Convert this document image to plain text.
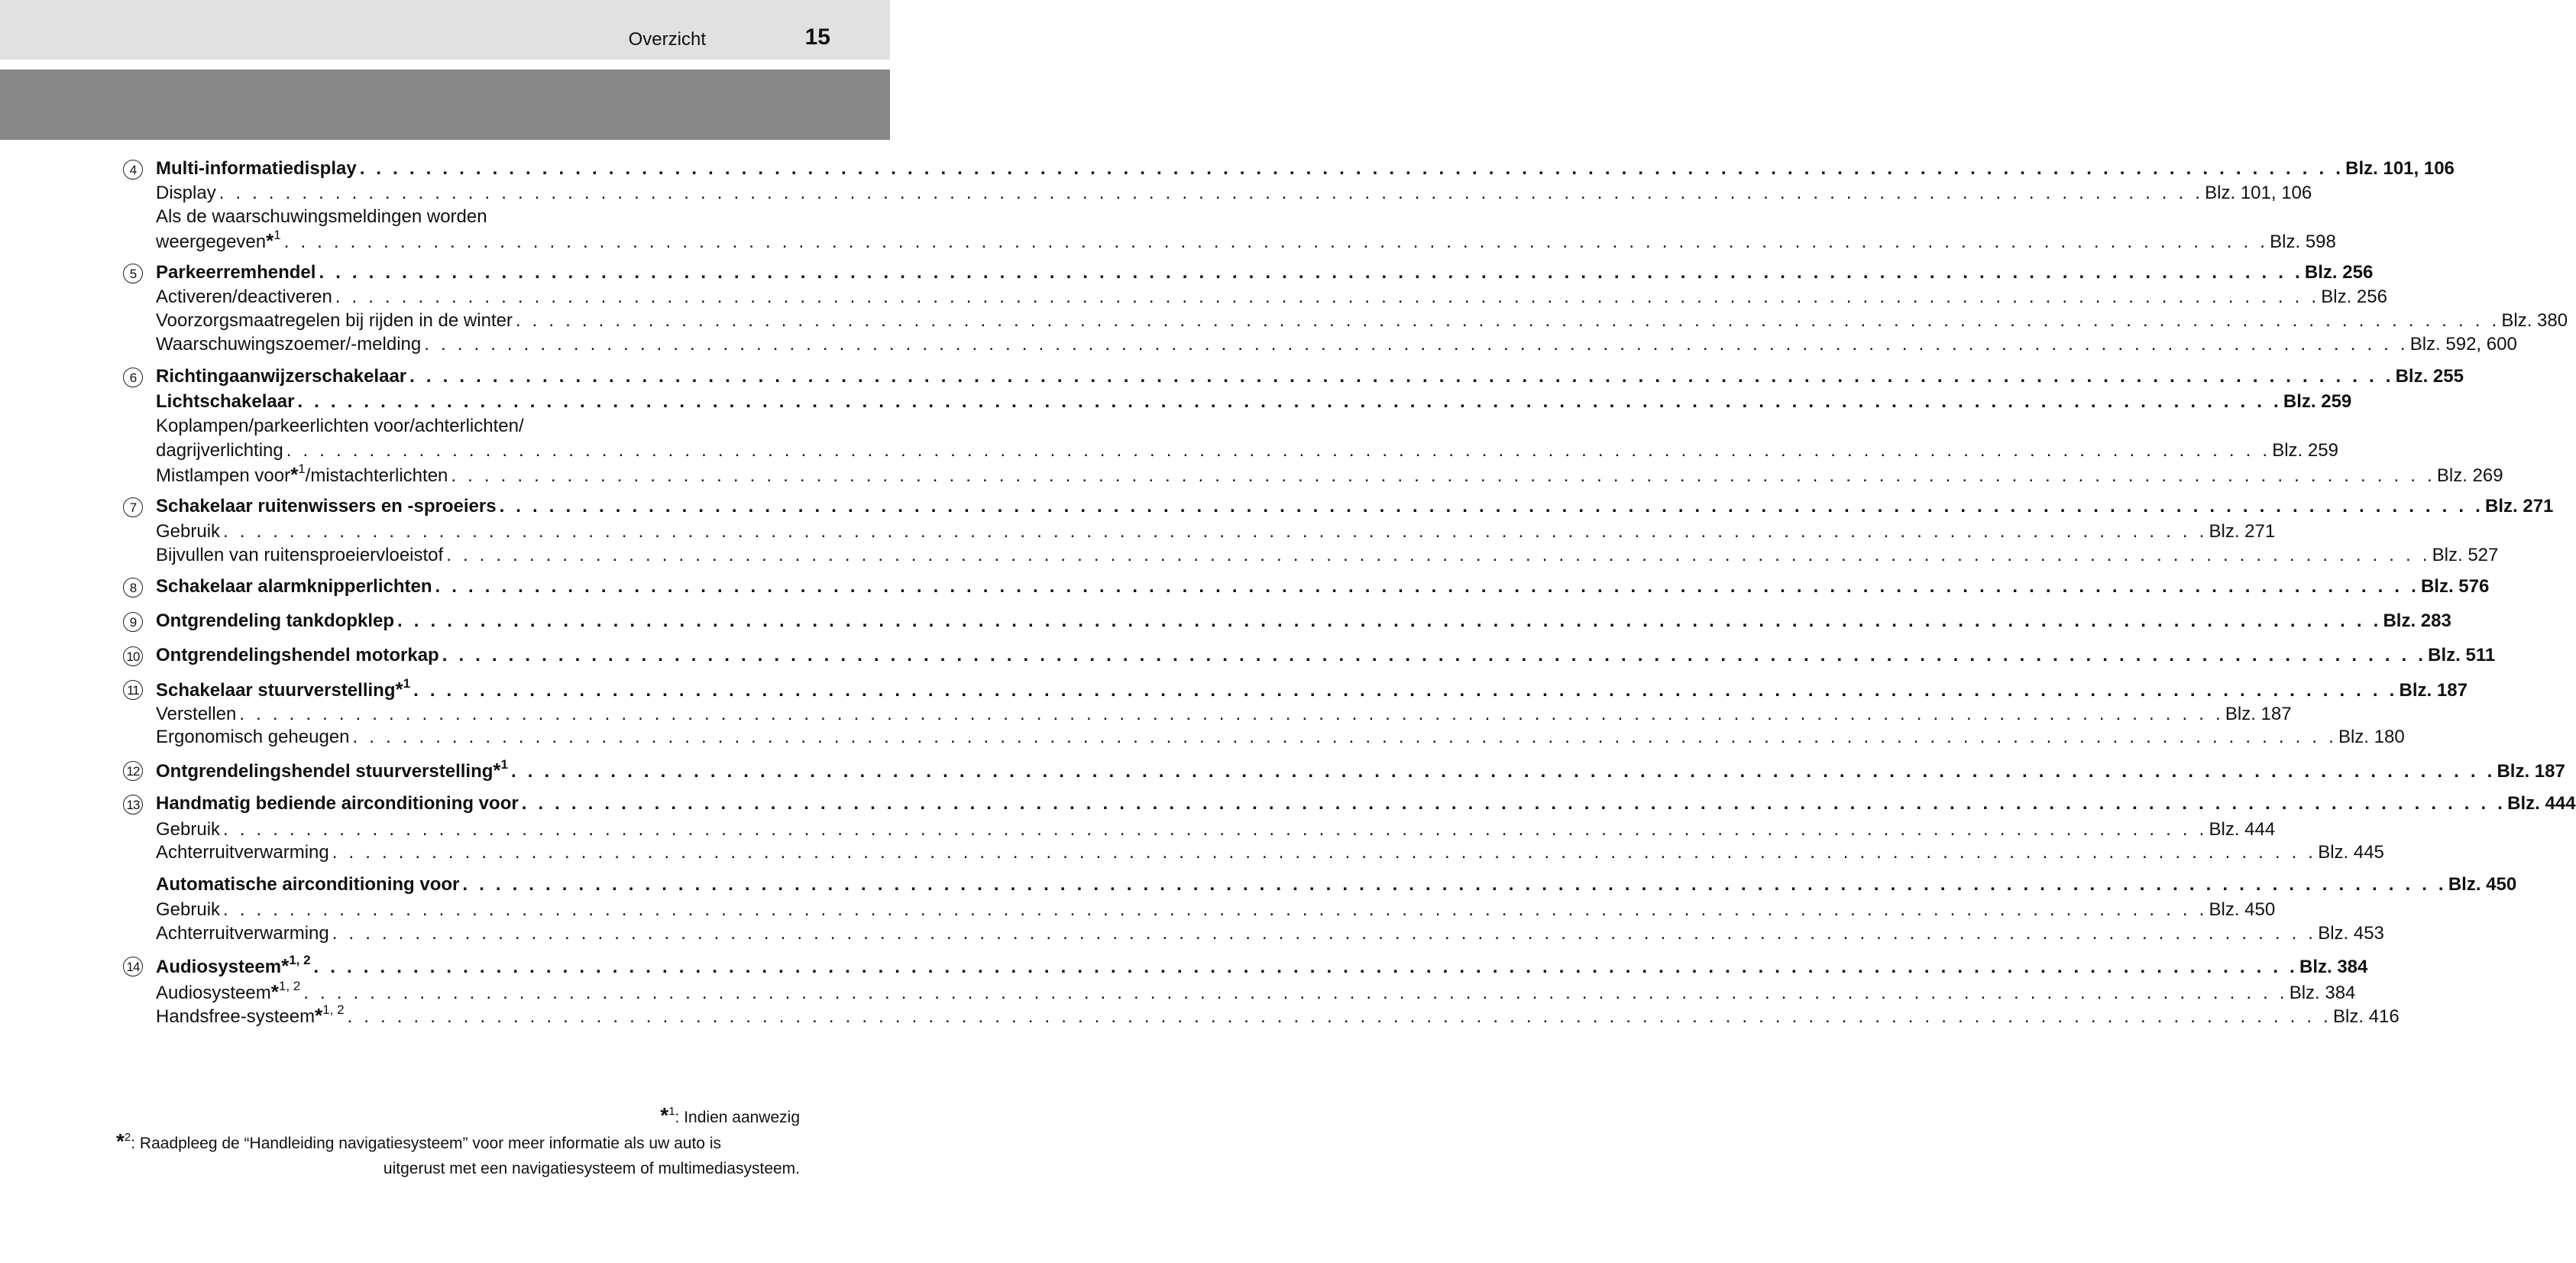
Overzicht	15
4	Multi-informatiedisplay . . . . . . . . . . . . . . . . . . . . . . . . . . . . . . . . . . . . . . . . . . . . . . . . . . . . . . . . . . . . . . . . . . . . . . . . . . . . . . . . . . . . . . . . . . . . . . . . . . . . . . . . . . . . . . . . . . . . . . . . Blz. 101, 106
Display . . . . . . . . . . . . . . . . . . . . . . . . . . . . . . . . . . . . . . . . . . . . . . . . . . . . . . . . . . . . . . . . . . . . . . . . . . . . . . . . . . . . . . . . . . . . . . . . . . . . . . . . . . . . . . . . . . . . . . . . Blz. 101, 106
Als de waarschuwingsmeldingen worden
weergegeven*$^1$ . . . . . . . . . . . . . . . . . . . . . . . . . . . . . . . . . . . . . . . . . . . . . . . . . . . . . . . . . . . . . . . . . . . . . . . . . . . . . . . . . . . . . . . . . . . . . . . . . . . . . . . . . . . . . . . . . . . . . . . . Blz. 598
5	Parkeerremhendel . . . . . . . . . . . . . . . . . . . . . . . . . . . . . . . . . . . . . . . . . . . . . . . . . . . . . . . . . . . . . . . . . . . . . . . . . . . . . . . . . . . . . . . . . . . . . . . . . . . . . . . . . . . . . . . . . . . . . . . . Blz. 256
Activeren/deactiveren . . . . . . . . . . . . . . . . . . . . . . . . . . . . . . . . . . . . . . . . . . . . . . . . . . . . . . . . . . . . . . . . . . . . . . . . . . . . . . . . . . . . . . . . . . . . . . . . . . . . . . . . . . . . . . . . . . . . . . . . Blz. 256
Voorzorgsmaatregelen bij rijden in de winter . . . . . . . . . . . . . . . . . . . . . . . . . . . . . . . . . . . . . . . . . . . . . . . . . . . . . . . . . . . . . . . . . . . . . . . . . . . . . . . . . . . . . . . . . . . . . . . . . . . . . . . . . . . . . . . . . . . . . . . . Blz. 380
Waarschuwingszoemer/-melding . . . . . . . . . . . . . . . . . . . . . . . . . . . . . . . . . . . . . . . . . . . . . . . . . . . . . . . . . . . . . . . . . . . . . . . . . . . . . . . . . . . . . . . . . . . . . . . . . . . . . . . . . . . . . . . . . . . . . . . . Blz. 592, 600
6	Richtingaanwijzerschakelaar . . . . . . . . . . . . . . . . . . . . . . . . . . . . . . . . . . . . . . . . . . . . . . . . . . . . . . . . . . . . . . . . . . . . . . . . . . . . . . . . . . . . . . . . . . . . . . . . . . . . . . . . . . . . . . . . . . . . . . . . Blz. 255
Lichtschakelaar . . . . . . . . . . . . . . . . . . . . . . . . . . . . . . . . . . . . . . . . . . . . . . . . . . . . . . . . . . . . . . . . . . . . . . . . . . . . . . . . . . . . . . . . . . . . . . . . . . . . . . . . . . . . . . . . . . . . . . . . Blz. 259
Koplampen/parkeerlichten voor/achterlichten/
dagrijverlichting . . . . . . . . . . . . . . . . . . . . . . . . . . . . . . . . . . . . . . . . . . . . . . . . . . . . . . . . . . . . . . . . . . . . . . . . . . . . . . . . . . . . . . . . . . . . . . . . . . . . . . . . . . . . . . . . . . . . . . . . Blz. 259
Mistlampen voor*$^1$/mistachterlichten . . . . . . . . . . . . . . . . . . . . . . . . . . . . . . . . . . . . . . . . . . . . . . . . . . . . . . . . . . . . . . . . . . . . . . . . . . . . . . . . . . . . . . . . . . . . . . . . . . . . . . . . . . . . . . . . . . . . . . . . Blz. 269
7	Schakelaar ruitenwissers en -sproeiers . . . . . . . . . . . . . . . . . . . . . . . . . . . . . . . . . . . . . . . . . . . . . . . . . . . . . . . . . . . . . . . . . . . . . . . . . . . . . . . . . . . . . . . . . . . . . . . . . . . . . . . . . . . . . . . . . . . . . . . . Blz. 271
Gebruik . . . . . . . . . . . . . . . . . . . . . . . . . . . . . . . . . . . . . . . . . . . . . . . . . . . . . . . . . . . . . . . . . . . . . . . . . . . . . . . . . . . . . . . . . . . . . . . . . . . . . . . . . . . . . . . . . . . . . . . . Blz. 271
Bijvullen van ruitensproeiervloeistof . . . . . . . . . . . . . . . . . . . . . . . . . . . . . . . . . . . . . . . . . . . . . . . . . . . . . . . . . . . . . . . . . . . . . . . . . . . . . . . . . . . . . . . . . . . . . . . . . . . . . . . . . . . . . . . . . . . . . . . . Blz. 527
8	Schakelaar alarmknipperlichten . . . . . . . . . . . . . . . . . . . . . . . . . . . . . . . . . . . . . . . . . . . . . . . . . . . . . . . . . . . . . . . . . . . . . . . . . . . . . . . . . . . . . . . . . . . . . . . . . . . . . . . . . . . . . . . . . . . . . . . . Blz. 576
9	Ontgrendeling tankdopklep . . . . . . . . . . . . . . . . . . . . . . . . . . . . . . . . . . . . . . . . . . . . . . . . . . . . . . . . . . . . . . . . . . . . . . . . . . . . . . . . . . . . . . . . . . . . . . . . . . . . . . . . . . . . . . . . . . . . . . . . Blz. 283
10 Ontgrendelingshendel motorkap . . . . . . . . . . . . . . . . . . . . . . . . . . . . . . . . . . . . . . . . . . . . . . . . . . . . . . . . . . . . . . . . . . . . . . . . . . . . . . . . . . . . . . . . . . . . . . . . . . . . . . . . . . . . . . . . . . . . . . . . Blz. 511
11 Schakelaar stuurverstelling*$^1$ . . . . . . . . . . . . . . . . . . . . . . . . . . . . . . . . . . . . . . . . . . . . . . . . . . . . . . . . . . . . . . . . . . . . . . . . . . . . . . . . . . . . . . . . . . . . . . . . . . . . . . . . . . . . . . . . . . . . . . . . Blz. 187
Verstellen . . . . . . . . . . . . . . . . . . . . . . . . . . . . . . . . . . . . . . . . . . . . . . . . . . . . . . . . . . . . . . . . . . . . . . . . . . . . . . . . . . . . . . . . . . . . . . . . . . . . . . . . . . . . . . . . . . . . . . . . Blz. 187
Ergonomisch geheugen . . . . . . . . . . . . . . . . . . . . . . . . . . . . . . . . . . . . . . . . . . . . . . . . . . . . . . . . . . . . . . . . . . . . . . . . . . . . . . . . . . . . . . . . . . . . . . . . . . . . . . . . . . . . . . . . . . . . . . . . Blz. 180
12 Ontgrendelingshendel stuurverstelling*$^1$ . . . . . . . . . . . . . . . . . . . . . . . . . . . . . . . . . . . . . . . . . . . . . . . . . . . . . . . . . . . . . . . . . . . . . . . . . . . . . . . . . . . . . . . . . . . . . . . . . . . . . . . . . . . . . . . . . . . . . . . . Blz. 187
13 Handmatig bediende airconditioning voor . . . . . . . . . . . . . . . . . . . . . . . . . . . . . . . . . . . . . . . . . . . . . . . . . . . . . . . . . . . . . . . . . . . . . . . . . . . . . . . . . . . . . . . . . . . . . . . . . . . . . . . . . . . . . . . . . . . . . . . . Blz. 444
Gebruik . . . . . . . . . . . . . . . . . . . . . . . . . . . . . . . . . . . . . . . . . . . . . . . . . . . . . . . . . . . . . . . . . . . . . . . . . . . . . . . . . . . . . . . . . . . . . . . . . . . . . . . . . . . . . . . . . . . . . . . . Blz. 444
Achterruitverwarming . . . . . . . . . . . . . . . . . . . . . . . . . . . . . . . . . . . . . . . . . . . . . . . . . . . . . . . . . . . . . . . . . . . . . . . . . . . . . . . . . . . . . . . . . . . . . . . . . . . . . . . . . . . . . . . . . . . . . . . . Blz. 445
Automatische airconditioning voor . . . . . . . . . . . . . . . . . . . . . . . . . . . . . . . . . . . . . . . . . . . . . . . . . . . . . . . . . . . . . . . . . . . . . . . . . . . . . . . . . . . . . . . . . . . . . . . . . . . . . . . . . . . . . . . . . . . . . . . . Blz. 450
Gebruik . . . . . . . . . . . . . . . . . . . . . . . . . . . . . . . . . . . . . . . . . . . . . . . . . . . . . . . . . . . . . . . . . . . . . . . . . . . . . . . . . . . . . . . . . . . . . . . . . . . . . . . . . . . . . . . . . . . . . . . . Blz. 450
Achterruitverwarming . . . . . . . . . . . . . . . . . . . . . . . . . . . . . . . . . . . . . . . . . . . . . . . . . . . . . . . . . . . . . . . . . . . . . . . . . . . . . . . . . . . . . . . . . . . . . . . . . . . . . . . . . . . . . . . . . . . . . . . . Blz. 453
14 Audiosysteem*$^{1, 2}$ . . . . . . . . . . . . . . . . . . . . . . . . . . . . . . . . . . . . . . . . . . . . . . . . . . . . . . . . . . . . . . . . . . . . . . . . . . . . . . . . . . . . . . . . . . . . . . . . . . . . . . . . . . . . . . . . . . . . . . . . Blz. 384
Audiosysteem*$^{1, 2}$ . . . . . . . . . . . . . . . . . . . . . . . . . . . . . . . . . . . . . . . . . . . . . . . . . . . . . . . . . . . . . . . . . . . . . . . . . . . . . . . . . . . . . . . . . . . . . . . . . . . . . . . . . . . . . . . . . . . . . . . . Blz. 384
Handsfree-systeem*$^{1, 2}$ . . . . . . . . . . . . . . . . . . . . . . . . . . . . . . . . . . . . . . . . . . . . . . . . . . . . . . . . . . . . . . . . . . . . . . . . . . . . . . . . . . . . . . . . . . . . . . . . . . . . . . . . . . . . . . . . . . . . . . . . Blz. 416
*$^1$: Indien aanwezig
*$^2$: Raadpleeg de “Handleiding navigatiesysteem” voor meer informatie als uw auto is
uitgerust met een navigatiesysteem of multimediasysteem.
